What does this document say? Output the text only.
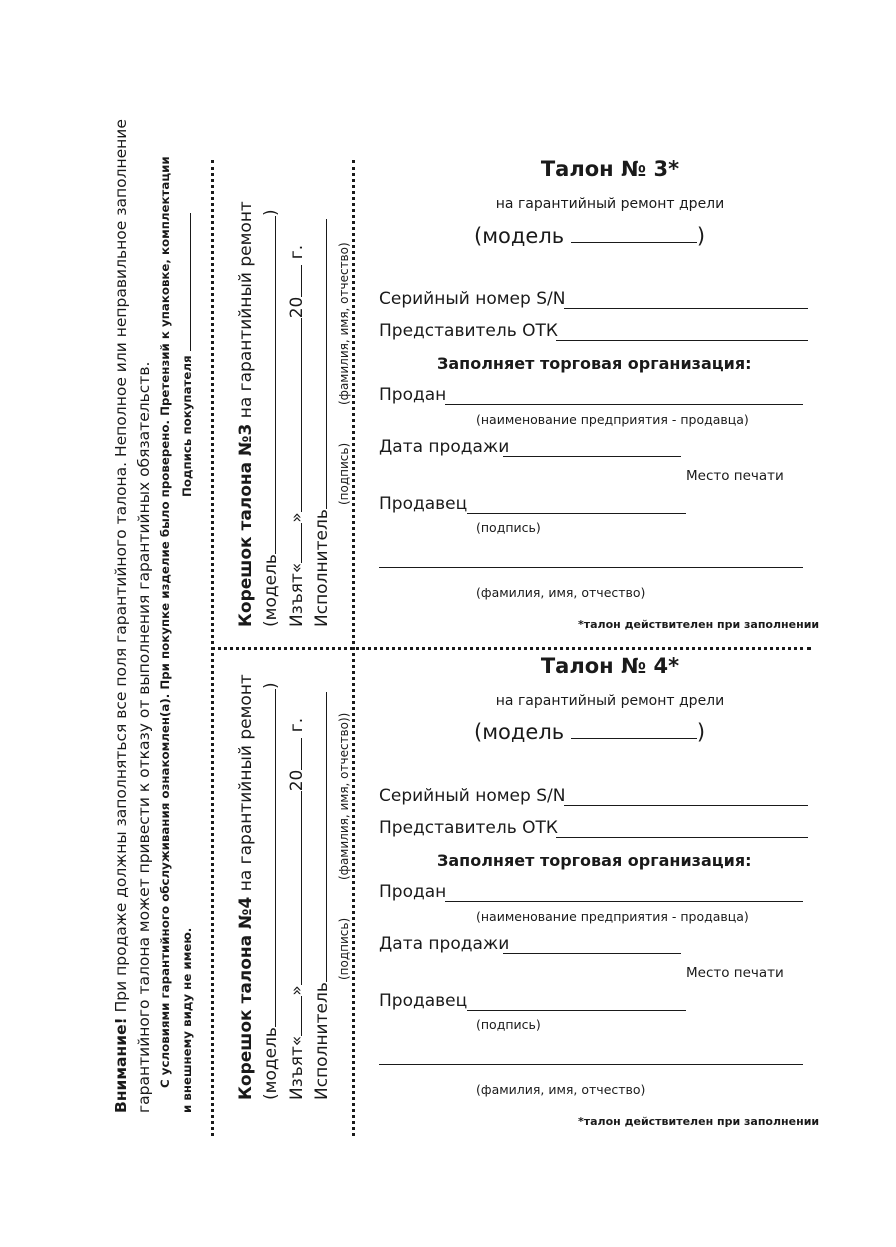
Внимание! При продаже должны заполняться все поля гарантийного талона. Неполное или неправильное заполнение гарантийного талона может привести к отказу от выполнения гарантийных обязательств. С условиями гарантийного обслуживания ознакомлен(а). При покупке изделие было проверено. Претензий к упаковке, комплектации и внешнему виду не имею.
Подпись покупателя Корешок талона №3 на гарантийный ремонт
(модель)
Изъят«»20 г.
Исполнитель
(подпись)
(фамилия, имя, отчество)
Корешок талона №4 на гарантийный ремонт
(модель)
Изъят«»20 г.
Исполнитель
(подпись)
(фамилия, имя, отчество))
Талон № 3*
на гарантийный ремонт дрели
(модель	)
Серийный номер S/N
Представитель ОТК
Заполняет торговая организация:
Продан
(наименование предприятия - продавца)
Дата продажи
Место печати
Продавец
(подпись)
(фамилия, имя, отчество)
*талон действителен при заполнении
Талон № 4*
на гарантийный ремонт дрели
(модель	)
Серийный номер S/N
Представитель ОТК
Заполняет торговая организация:
Продан
(наименование предприятия - продавца)
Дата продажи
Место печати
Продавец
(подпись)
(фамилия, имя, отчество)
*талон действителен при заполнении
